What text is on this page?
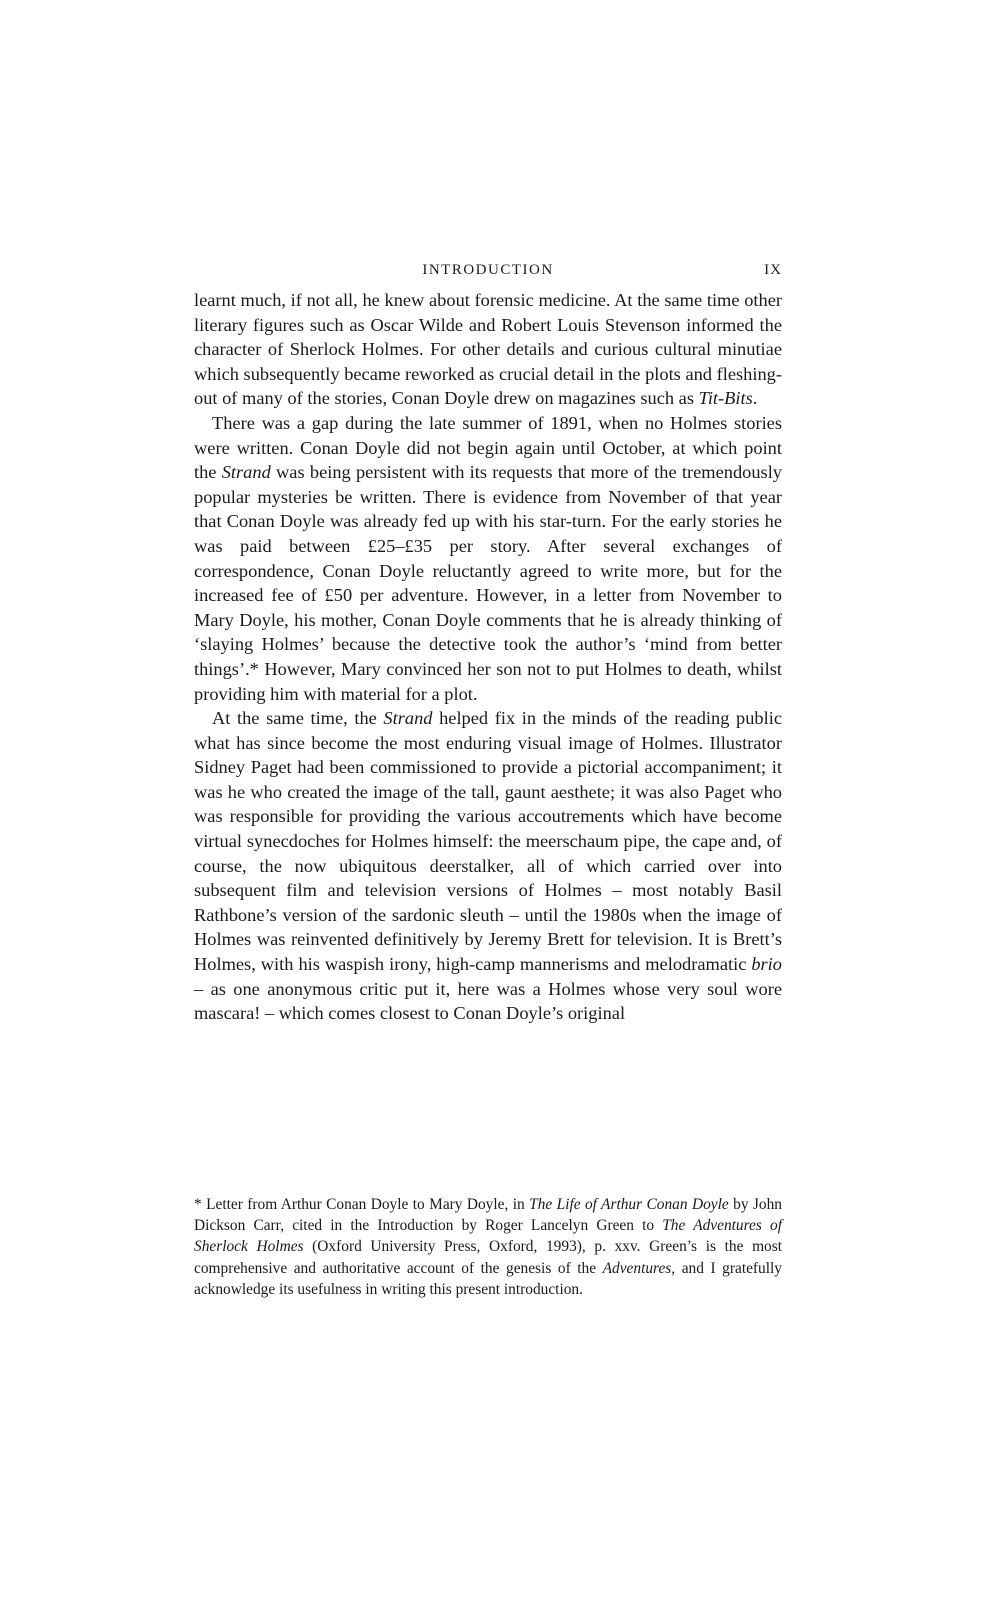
INTRODUCTION	IX

learnt much, if not all, he knew about forensic medicine. At the same time other literary figures such as Oscar Wilde and Robert Louis Stevenson informed the character of Sherlock Holmes. For other details and curious cultural minutiae which subsequently became reworked as crucial detail in the plots and fleshing-out of many of the stories, Conan Doyle drew on magazines such as Tit-Bits.

There was a gap during the late summer of 1891, when no Holmes stories were written. Conan Doyle did not begin again until October, at which point the Strand was being persistent with its requests that more of the tremendously popular mysteries be written. There is evidence from November of that year that Conan Doyle was already fed up with his star-turn. For the early stories he was paid between £25–£35 per story. After several exchanges of correspondence, Conan Doyle reluctantly agreed to write more, but for the increased fee of £50 per adventure. However, in a letter from November to Mary Doyle, his mother, Conan Doyle comments that he is already thinking of ‘slaying Holmes’ because the detective took the author’s ‘mind from better things’.* However, Mary convinced her son not to put Holmes to death, whilst providing him with material for a plot.

At the same time, the Strand helped fix in the minds of the reading public what has since become the most enduring visual image of Holmes. Illustrator Sidney Paget had been commissioned to provide a pictorial accompaniment; it was he who created the image of the tall, gaunt aesthete; it was also Paget who was responsible for providing the various accoutrements which have become virtual synecdoches for Holmes himself: the meerschaum pipe, the cape and, of course, the now ubiquitous deerstalker, all of which carried over into subsequent film and television versions of Holmes – most notably Basil Rathbone’s version of the sardonic sleuth – until the 1980s when the image of Holmes was reinvented definitively by Jeremy Brett for television. It is Brett’s Holmes, with his waspish irony, high-camp mannerisms and melodramatic brio – as one anonymous critic put it, here was a Holmes whose very soul wore mascara! – which comes closest to Conan Doyle’s original

* Letter from Arthur Conan Doyle to Mary Doyle, in The Life of Arthur Conan Doyle by John Dickson Carr, cited in the Introduction by Roger Lancelyn Green to The Adventures of Sherlock Holmes (Oxford University Press, Oxford, 1993), p. xxv. Green’s is the most comprehensive and authoritative account of the genesis of the Adventures, and I gratefully acknowledge its usefulness in writing this present introduction.
